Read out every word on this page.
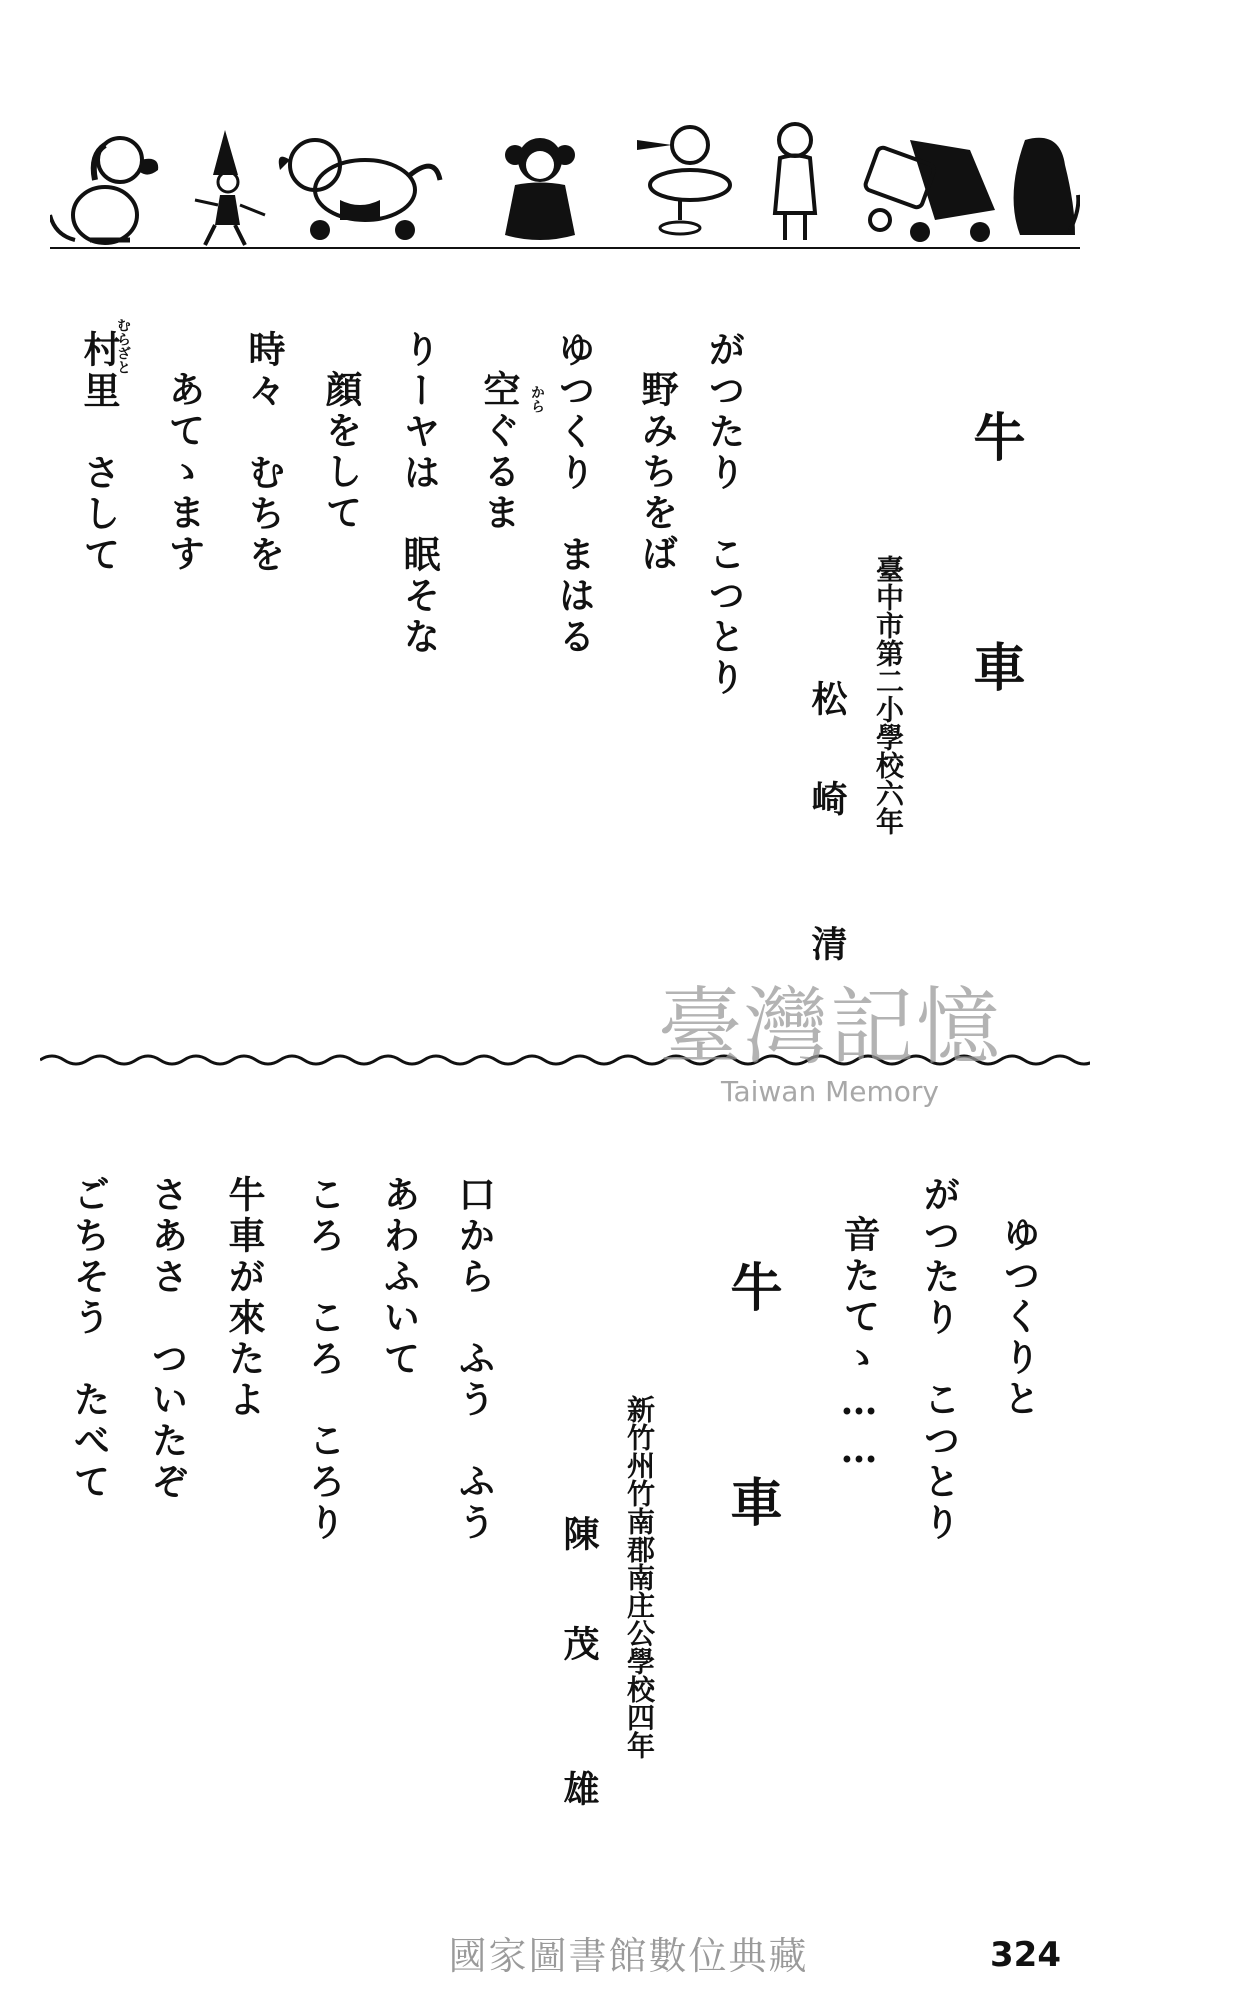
牛
車
臺中市第二小學校六年
松
崎
清
がつたり　こつとり
野みちをば
ゆつくり　まはる
から
空ぐるま
りーヤは　眠そな
顔をして
時々　むちを
あてゝます
むらざと
村里　さして
臺灣記憶
Taiwan Memory
ゆつくりと
がつたり　こつとり
音たてゝ……
牛
車
新竹州竹南郡南庄公學校四年
陳
茂
雄
口から　ふう　ふう
あわふいて
ころ　ころ　ころり
牛車が來たよ
さあさ　ついたぞ
ごちそう　たべて
國家圖書館數位典藏	324
